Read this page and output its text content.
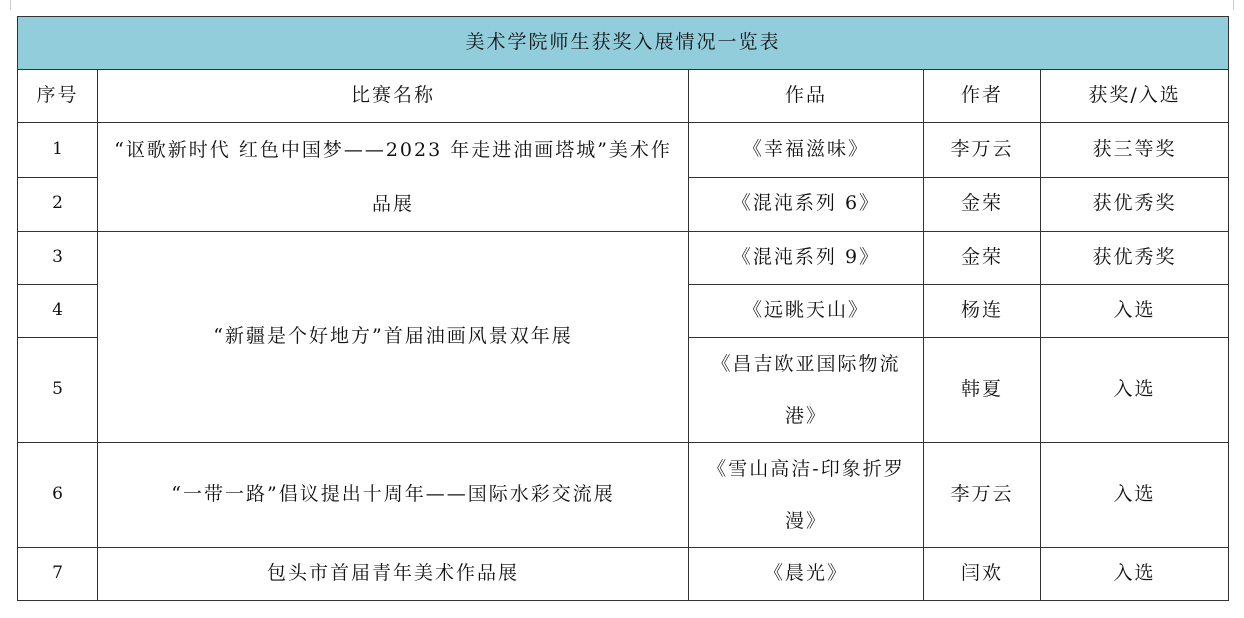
美术学院师生获奖入展情况一览表				
序号	比赛名称	作品	作者	获奖/入选
1	“讴歌新时代 红色中国梦——2023 年走进油画塔城”美术作品展	《幸福滋味》	李万云	获三等奖
2		《混沌系列 6》	金荣	获优秀奖
3	“新疆是个好地方”首届油画风景双年展	《混沌系列 9》	金荣	获优秀奖
4		《远眺天山》	杨连	入选
5		《昌吉欧亚国际物流港》	韩夏	入选
6	“一带一路”倡议提出十周年——国际水彩交流展	《雪山高洁-印象折罗漫》	李万云	入选
7	包头市首届青年美术作品展	《晨光》	闫欢	入选
